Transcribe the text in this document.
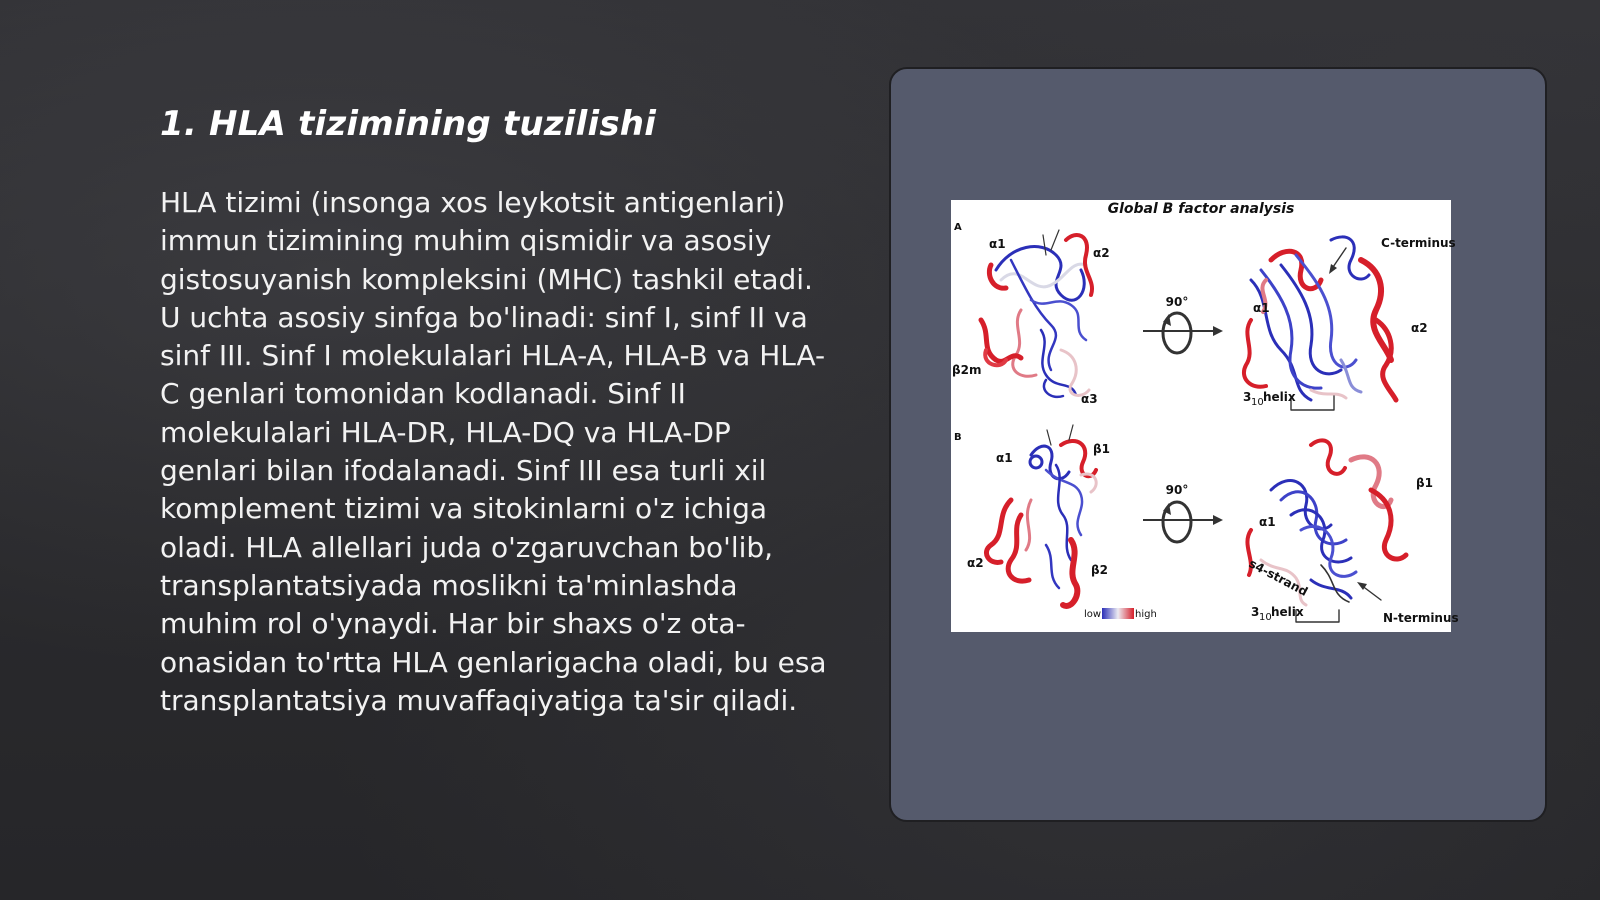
1. HLA tizimining tuzilishi

HLA tizimi (insonga xos leykotsit antigenlari) immun tizimining muhim qismidir va asosiy gistosuyanish kompleksini (MHC) tashkil etadi. U uchta asosiy sinfga bo'linadi: sinf I, sinf II va sinf III. Sinf I molekulalari HLA-A, HLA-B va HLA-C genlari tomonidan kodlanadi. Sinf II molekulalari HLA-DR, HLA-DQ va HLA-DP genlari bilan ifodalanadi. Sinf III esa turli xil komplement tizimi va sitokinlarni o'z ichiga oladi. HLA allellari juda o'zgaruvchan bo'lib, transplantatsiyada moslikni ta'minlashda muhim rol o'ynaydi. Har bir shaxs o'z ota-onasidan to'rtta HLA genlarigacha oladi, bu esa transplantatsiya muvaffaqiyatiga ta'sir qiladi.

Global B factor analysis
A
B
α1
α2
β2m
α3
90°
C-terminus
α1
α2
3 10 helix
α1
β1
α2	β2
90°	β1
α1
s4-strand
3 10 helix	N-terminus
low	high
